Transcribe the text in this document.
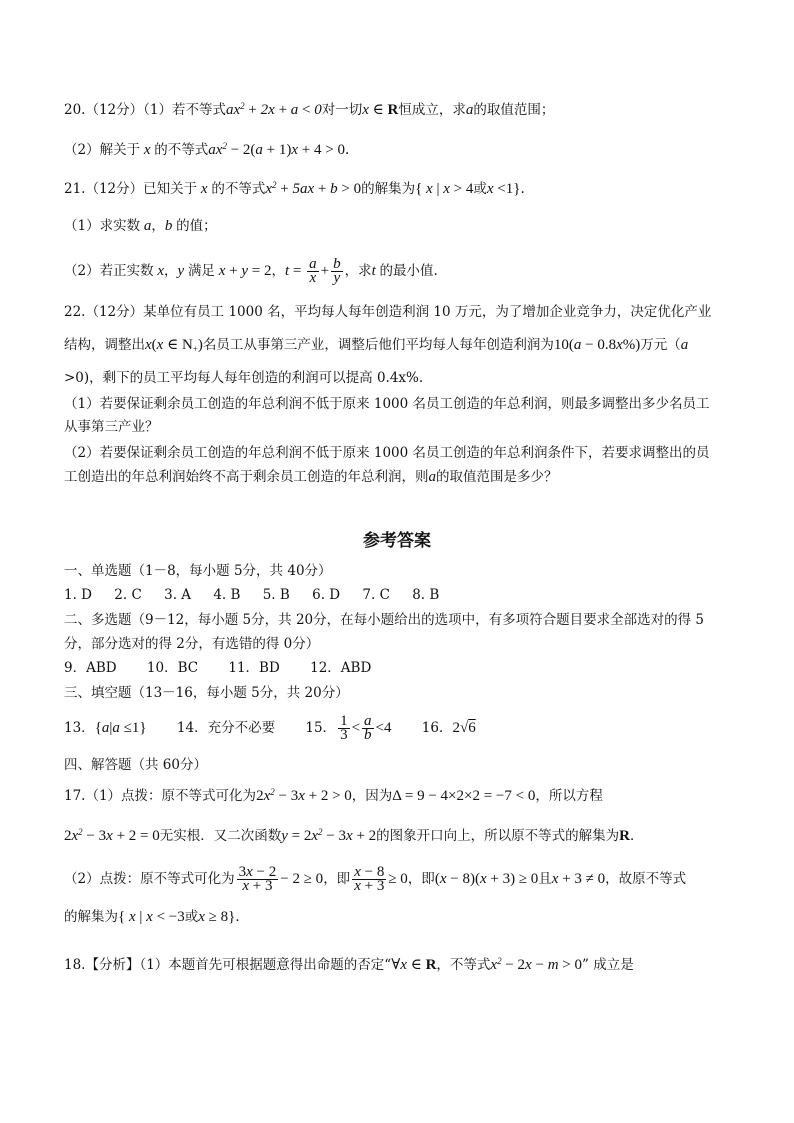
20.（12分）（1）若不等式$ax^2 + 2x + a < 0$对一切x ∈ R恒成立，求a的取值范围；
（2）解关于 x 的不等式$ax^2 - 2(a + 1)x + 4 > 0$.
21.（12分）已知关于 x 的不等式$x^2 + 5ax + b > 0$的解集为{ x | x > 4或x <1}.
（1）求实数 a，b 的值；
（2）若正实数 x，y 满足 x + y = 2，$t = \frac{a}{x} + \frac{b}{y}$ ，求t 的最小值.
22.（12分）某单位有员工 1000 名，平均每人每年创造利润 10 万元，为了增加企业竞争力，决定优化产业
结构，调整出x(x ∈ $N_+$)名员工从事第三产业，调整后他们平均每人每年创造利润为10(a − 0.8x%)万元（a
>0)，剩下的员工平均每人每年创造的利润可以提高 0.4x%.
（1）若要保证剩余员工创造的年总利润不低于原来 1000 名员工创造的年总利润，则最多调整出多少名员工
从事第三产业？
（2）若要保证剩余员工创造的年总利润不低于原来 1000 名员工创造的年总利润条件下，若要求调整出的员
工创造出的年总利润始终不高于剩余员工创造的年总利润，则a的取值范围是多少？
参考答案
一、单选题（1－8，每小题 5分，共 40分）
1. D 2. C 3. A 4. B 5. B 6. D 7. C 8. B
二、多选题（9－12，每小题 5分，共 20分，在每小题给出的选项中，有多项符合题目要求全部选对的得 5
分，部分选对的得 2分，有选错的得 0分）
9．ABD 10．BC 11．BD 12．ABD
三、填空题（13－16，每小题 5分，共 20分）
13．{a|a ≤1} 14．充分不必要 15． $\frac{1}{3} < \frac{a}{b} <4$ 16．2√6
四、解答题（共 60分）
17.（1）点拨：原不等式可化为$2x^2 - 3x + 2 > 0$，因为Δ = 9 − 4×2×2 = −7 < 0，所以方程
$2x^2 - 3x + 2 = 0$无实根．又二次函数$y = 2x^2 - 3x + 2$的图象开口向上，所以原不等式的解集为R．
（2）点拨：原不等式可化为 $\frac{3x - 2}{x + 3} - 2 \ge 0$，即 $\frac{x - 8}{x + 3} \ge 0$，即(x − 8)(x + 3) ≥ 0且x + 3 ≠ 0，故原不等式
的解集为{ x | x < −3或x ≥ 8}．
18.【分析】（1）本题首先可根据题意得出命题的否定“∀x ∈ R，不等式$x^2 - 2x - m > 0$” 成立是
